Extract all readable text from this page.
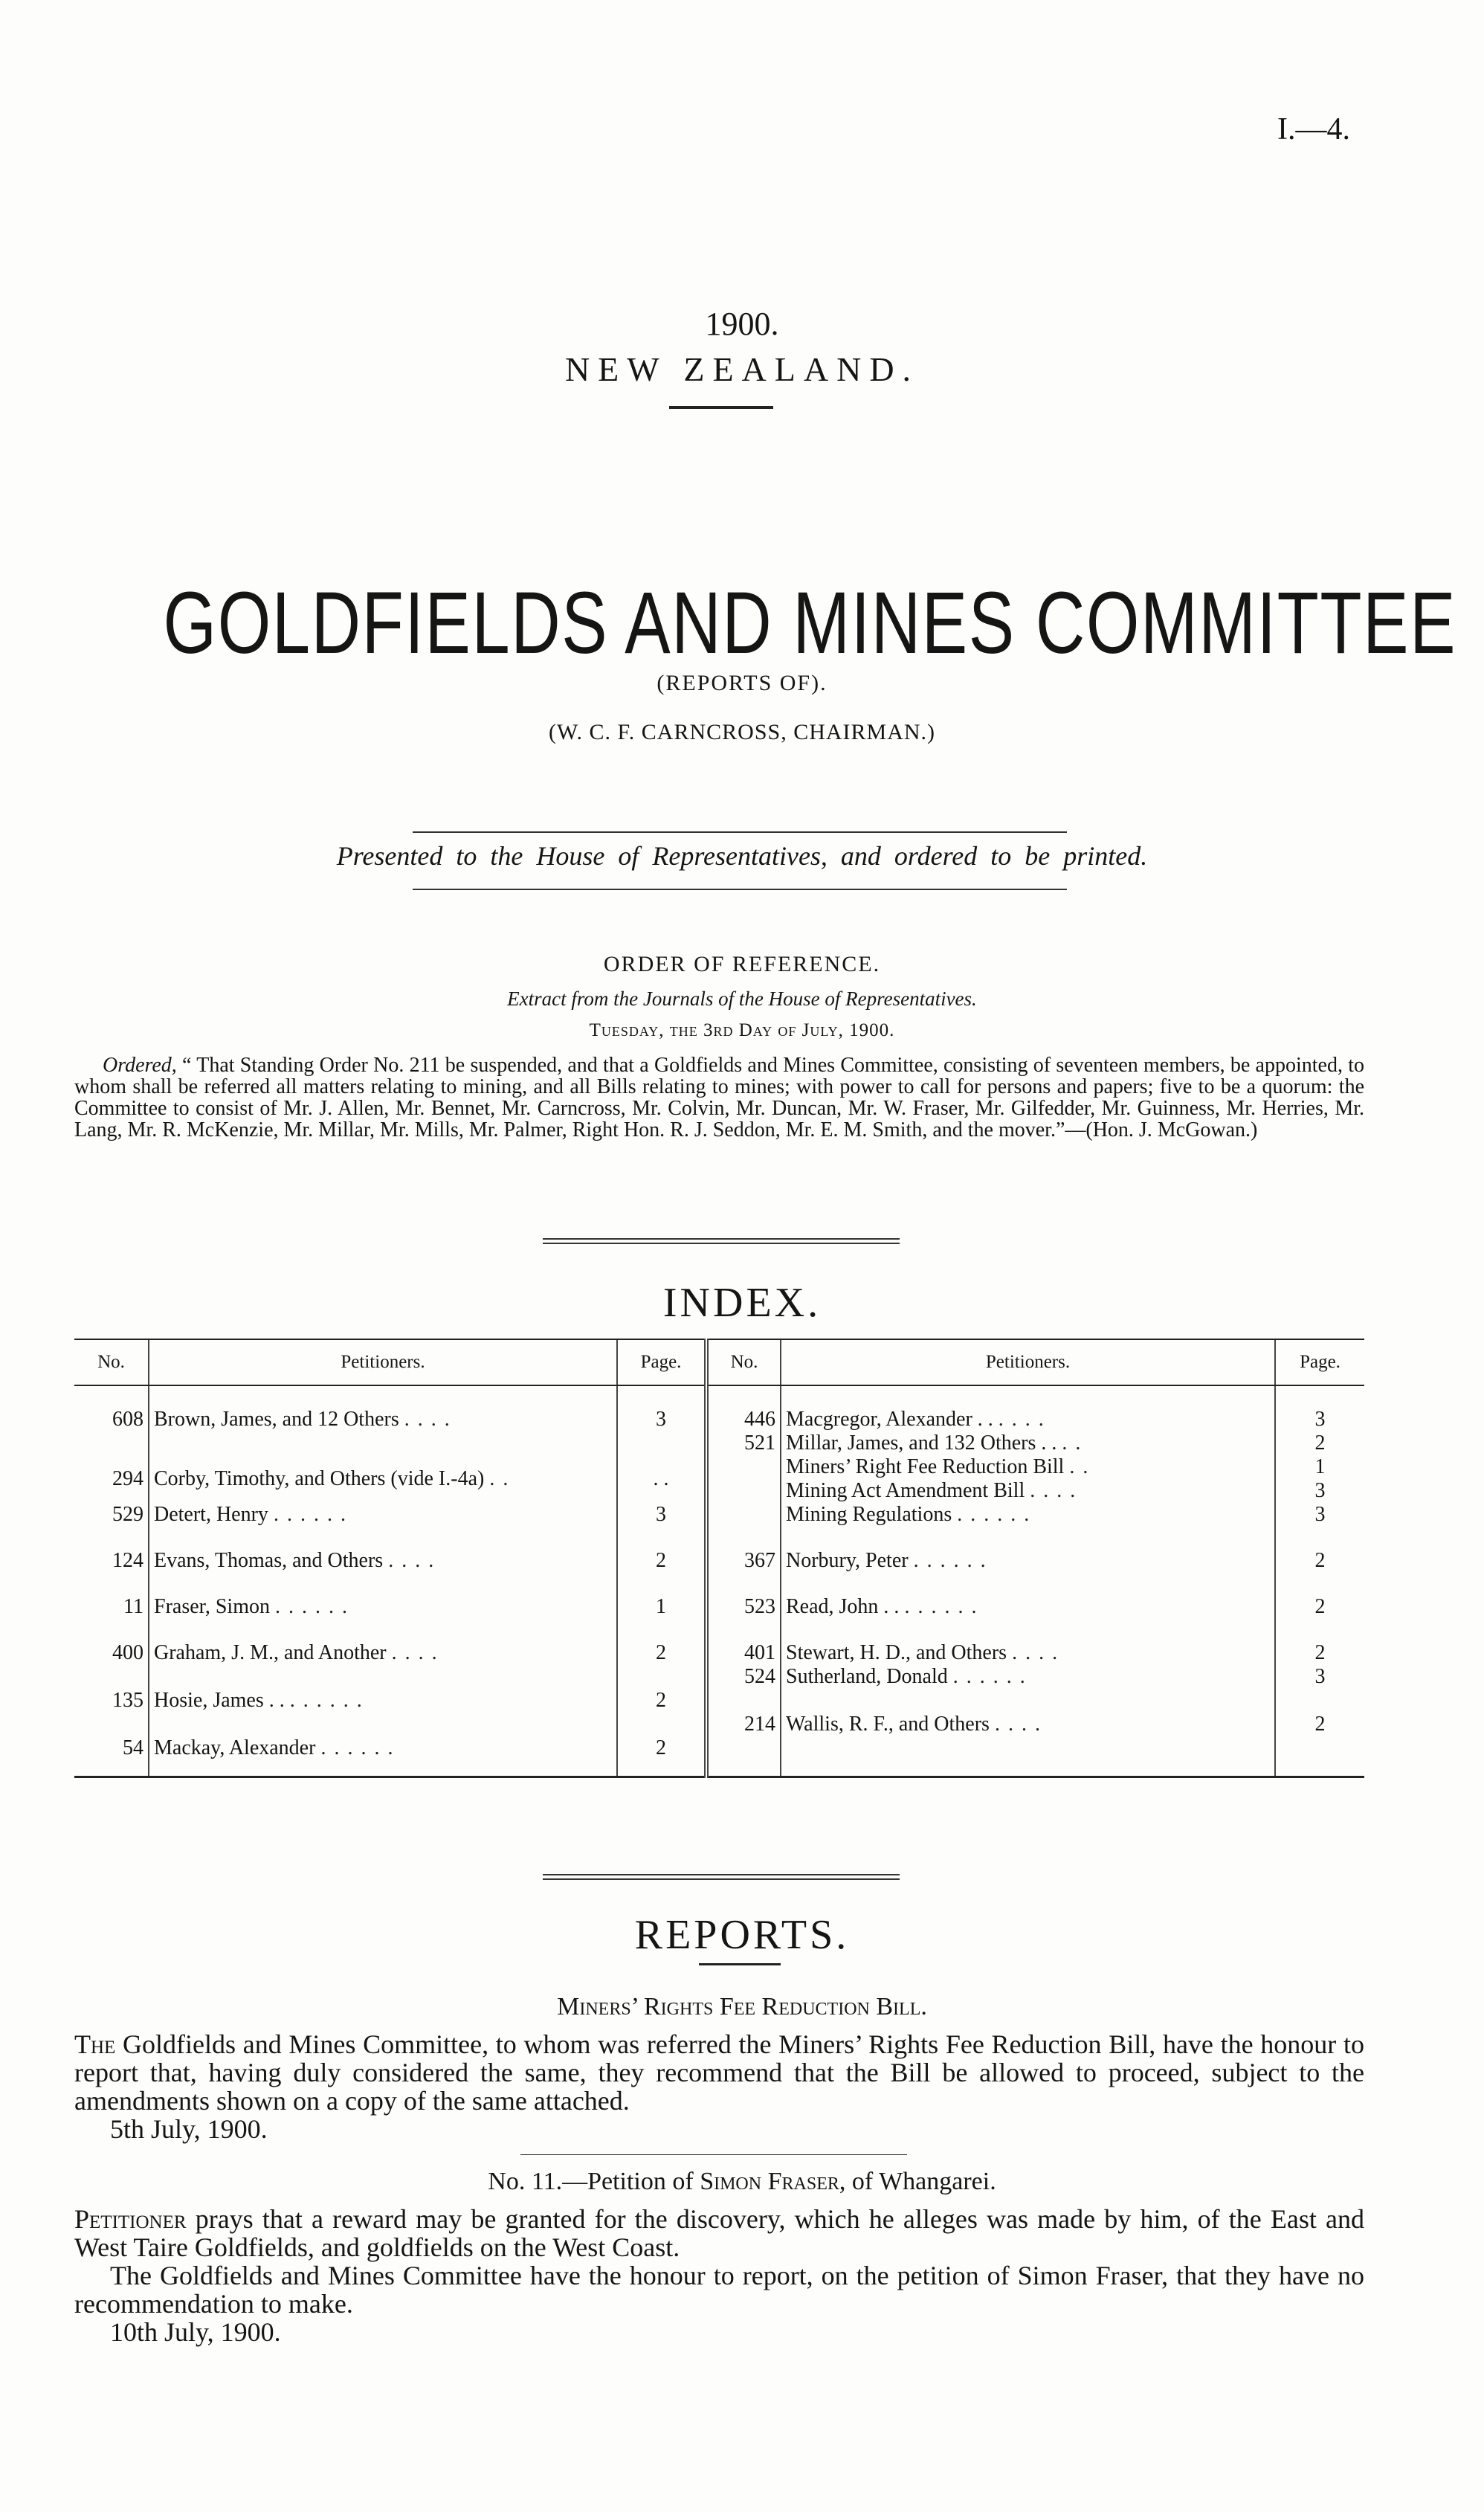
I.—4.
1900.
NEW ZEALAND.
GOLDFIELDS AND MINES COMMITTEE
(REPORTS OF).
(W. C. F. CARNCROSS, CHAIRMAN.)
Presented to the House of Representatives, and ordered to be printed.
ORDER OF REFERENCE.
Extract from the Journals of the House of Representatives.
Tuesday, the 3rd Day of July, 1900.

Ordered, “ That Standing Order No. 211 be suspended, and that a Goldfields and Mines Committee, consisting of seventeen members, be appointed, to whom shall be referred all matters relating to mining, and all Bills relating to mines; with power to call for persons and papers; five to be a quorum: the Committee to consist of Mr. J. Allen, Mr. Bennet, Mr. Carncross, Mr. Colvin, Mr. Duncan, Mr. W. Fraser, Mr. Gilfedder, Mr. Guinness, Mr. Herries, Mr. Lang, Mr. R. McKenzie, Mr. Millar, Mr. Mills, Mr. Palmer, Right Hon. R. J. Seddon, Mr. E. M. Smith, and the mover.”—(Hon. J. McGowan.)

INDEX.
No.	Petitioners.	Page.	No.	Petitioners.	Page.

608	Brown, James, and 12 Others . . . .	3	446	Macgregor, Alexander . . . . . .	3
			521	Millar, James, and 132 Others . . . .	2
294	Corby, Timothy, and Others (vide I.-4a) . .	. .		Miners’ Right Fee Reduction Bill . .	1
				Mining Act Amendment Bill . . . .	3
529	Detert, Henry . . . . . .	3		Mining Regulations . . . . . .	3

124	Evans, Thomas, and Others . . . .	2	367	Norbury, Peter . . . . . .	2

11	Fraser, Simon . . . . . .	1	523	Read, John . . . . . . . .	2

400	Graham, J. M., and Another . . . .	2	401	Stewart, H. D., and Others . . . .	2
			524	Sutherland, Donald . . . . . .	3
135	Hosie, James . . . . . . . .	2			
			214	Wallis, R. F., and Others . . . .	2
54	Mackay, Alexander . . . . . .	2			

REPORTS.
Miners’ Rights Fee Reduction Bill.

The Goldfields and Mines Committee, to whom was referred the Miners’ Rights Fee Reduction Bill, have the honour to report that, having duly considered the same, they recommend that the Bill be allowed to proceed, subject to the amendments shown on a copy of the same attached.

5th July, 1900.

No. 11.—Petition of Simon Fraser, of Whangarei.

Petitioner prays that a reward may be granted for the discovery, which he alleges was made by him, of the East and West Taire Goldfields, and goldfields on the West Coast.

The Goldfields and Mines Committee have the honour to report, on the petition of Simon Fraser, that they have no recommendation to make.

10th July, 1900.
